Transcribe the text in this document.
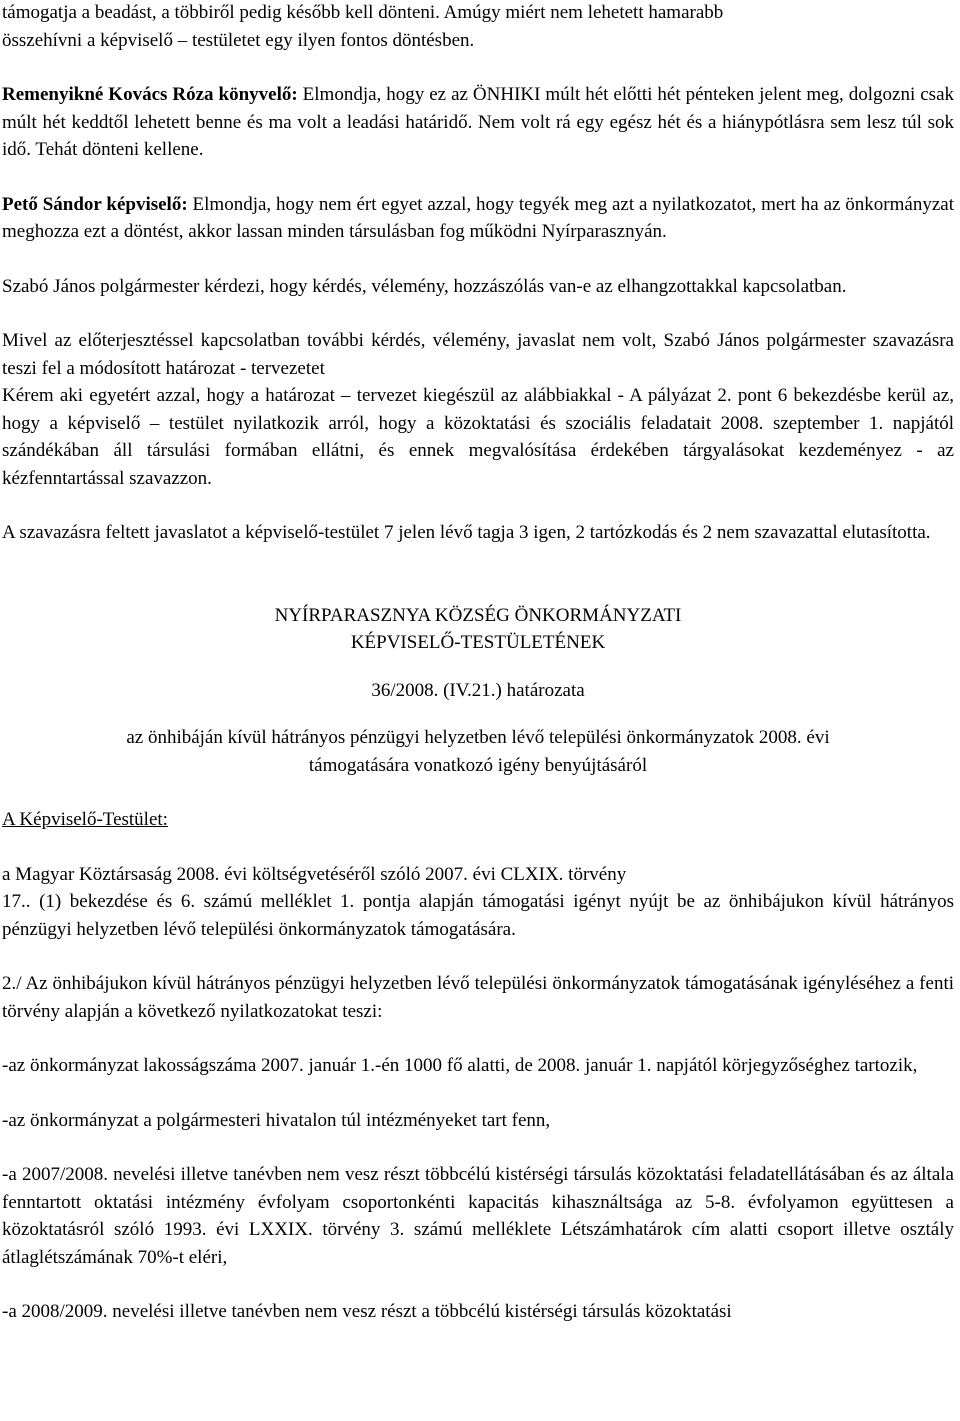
támogatja a beadást, a többiről pedig később kell dönteni. Amúgy miért nem lehetett hamarabb
összehívni a képviselő – testületet egy ilyen fontos döntésben.

Remenyikné Kovács Róza könyvelő: Elmondja, hogy ez az ÖNHIKI múlt hét előtti hét pénteken jelent meg, dolgozni csak múlt hét keddtől lehetett benne és ma volt a leadási határidő. Nem volt rá egy egész hét és a hiánypótlásra sem lesz túl sok idő. Tehát dönteni kellene.

Pető Sándor képviselő: Elmondja, hogy nem ért egyet azzal, hogy tegyék meg azt a nyilatkozatot, mert ha az önkormányzat meghozza ezt a döntést, akkor lassan minden társulásban fog működni Nyírparasznyán.

Szabó János polgármester kérdezi, hogy kérdés, vélemény, hozzászólás van-e az elhangzottakkal kapcsolatban.

Mivel az előterjesztéssel kapcsolatban további kérdés, vélemény, javaslat nem volt, Szabó János polgármester szavazásra teszi fel a módosított határozat - tervezetet

Kérem aki egyetért azzal, hogy a határozat – tervezet kiegészül az alábbiakkal - A pályázat 2. pont 6 bekezdésbe kerül az, hogy a képviselő – testület nyilatkozik arról, hogy a közoktatási és szociális feladatait 2008. szeptember 1. napjától szándékában áll társulási formában ellátni, és ennek megvalósítása érdekében tárgyalásokat kezdeményez - az kézfenntartással szavazzon.

A szavazásra feltett javaslatot a képviselő-testület 7 jelen lévő tagja 3 igen, 2 tartózkodás és 2 nem szavazattal elutasította.

NYÍRPARASZNYA KÖZSÉG ÖNKORMÁNYZATI

KÉPVISELŐ-TESTÜLETÉNEK

36/2008. (IV.21.) határozata

az önhibáján kívül hátrányos pénzügyi helyzetben lévő települési önkormányzatok 2008. évi

támogatására vonatkozó igény benyújtásáról

A Képviselő-Testület:

a Magyar Köztársaság 2008. évi költségvetéséről szóló 2007. évi CLXIX. törvény
17.. (1) bekezdése és 6. számú melléklet 1. pontja alapján támogatási igényt nyújt be az önhibájukon kívül hátrányos pénzügyi helyzetben lévő települési önkormányzatok támogatására.

2./ Az önhibájukon kívül hátrányos pénzügyi helyzetben lévő települési önkormányzatok támogatásának igényléséhez a fenti törvény alapján a következő nyilatkozatokat teszi:

-az önkormányzat lakosságszáma 2007. január 1.-én 1000 fő alatti, de 2008. január 1. napjától körjegyzőséghez tartozik,

-az önkormányzat a polgármesteri hivatalon túl intézményeket tart fenn,

-a 2007/2008. nevelési illetve tanévben nem vesz részt többcélú kistérségi társulás közoktatási feladatellátásában és az általa fenntartott oktatási intézmény évfolyam csoportonkénti kapacitás kihasználtsága az 5-8. évfolyamon együttesen a közoktatásról szóló 1993. évi LXXIX. törvény 3. számú melléklete Létszámhatárok cím alatti csoport illetve osztály átlaglétszámának 70%-t eléri,

-a 2008/2009. nevelési illetve tanévben nem vesz részt a többcélú kistérségi társulás közoktatási
